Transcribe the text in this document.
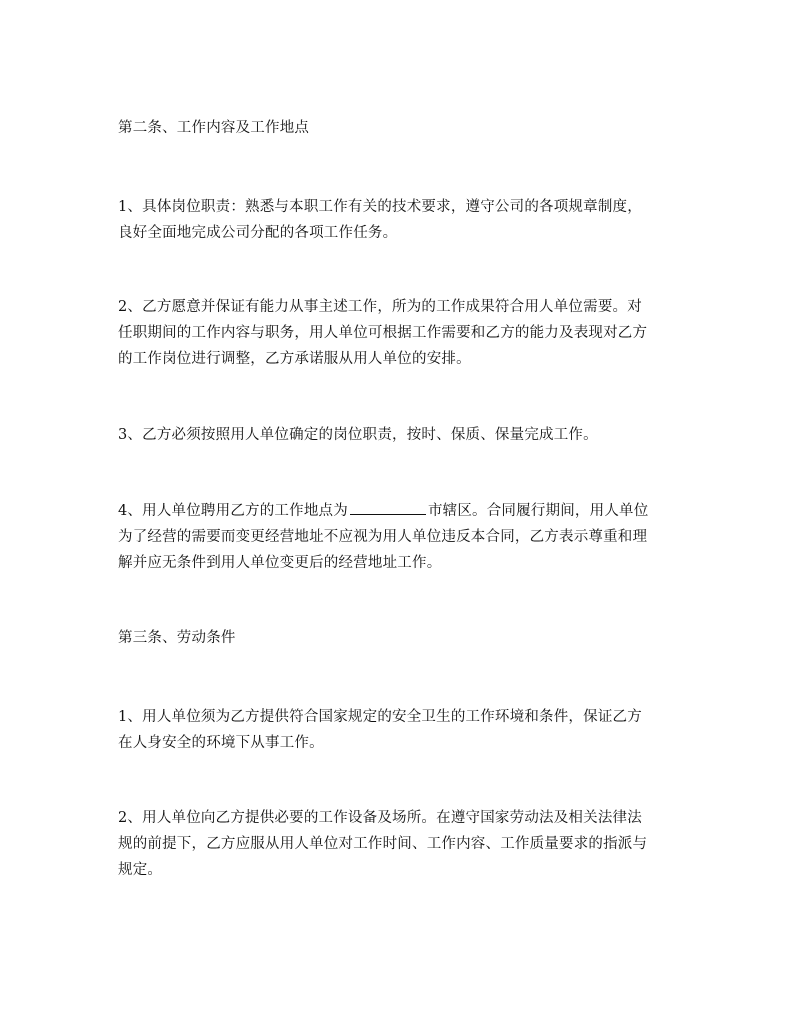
第二条、工作内容及工作地点

1、具体岗位职责：熟悉与本职工作有关的技术要求，遵守公司的各项规章制度，
良好全面地完成公司分配的各项工作任务。

2、乙方愿意并保证有能力从事主述工作，所为的工作成果符合用人单位需要。对
任职期间的工作内容与职务，用人单位可根据工作需要和乙方的能力及表现对乙方
的工作岗位进行调整，乙方承诺服从用人单位的安排。

3、乙方必须按照用人单位确定的岗位职责，按时、保质、保量完成工作。

4、用人单位聘用乙方的工作地点为	市辖区。合同履行期间，用人单位
为了经营的需要而变更经营地址不应视为用人单位违反本合同，乙方表示尊重和理
解并应无条件到用人单位变更后的经营地址工作。

第三条、劳动条件

1、用人单位须为乙方提供符合国家规定的安全卫生的工作环境和条件，保证乙方
在人身安全的环境下从事工作。

2、用人单位向乙方提供必要的工作设备及场所。在遵守国家劳动法及相关法律法
规的前提下，乙方应服从用人单位对工作时间、工作内容、工作质量要求的指派与
规定。
